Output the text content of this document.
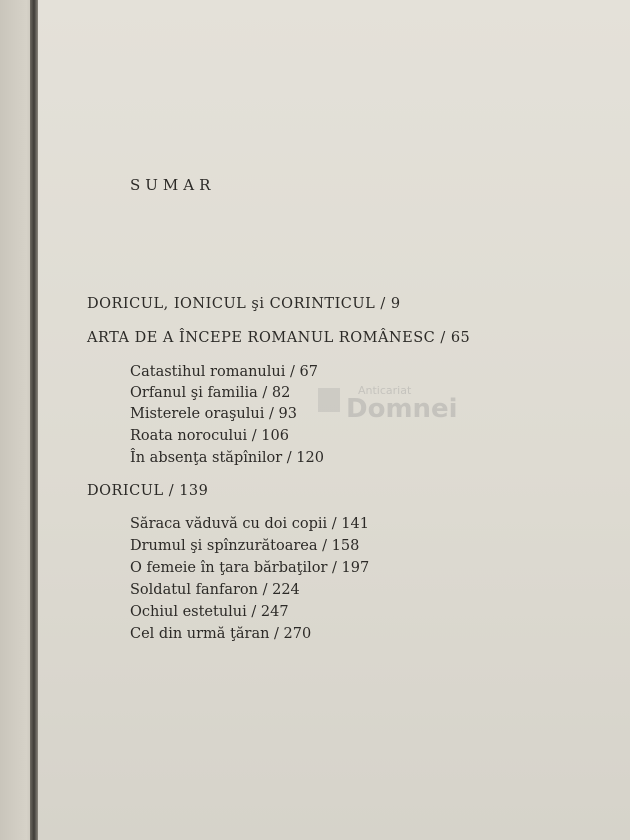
SUMAR
DORICUL, IONICUL şi CORINTICUL / 9
ARTA DE A ÎNCEPE ROMANUL ROMÂNESC / 65
Catastihul romanului / 67
Orfanul şi familia / 82
Misterele oraşului / 93
Roata norocului / 106
În absenţa stăpînilor / 120
DORICUL / 139
Săraca văduvă cu doi copii / 141
Drumul şi spînzurătoarea / 158
O femeie în ţara bărbaţilor / 197
Soldatul fanfaron / 224
Ochiul estetului / 247
Cel din urmă ţăran / 270
Anticariat
Domnei
